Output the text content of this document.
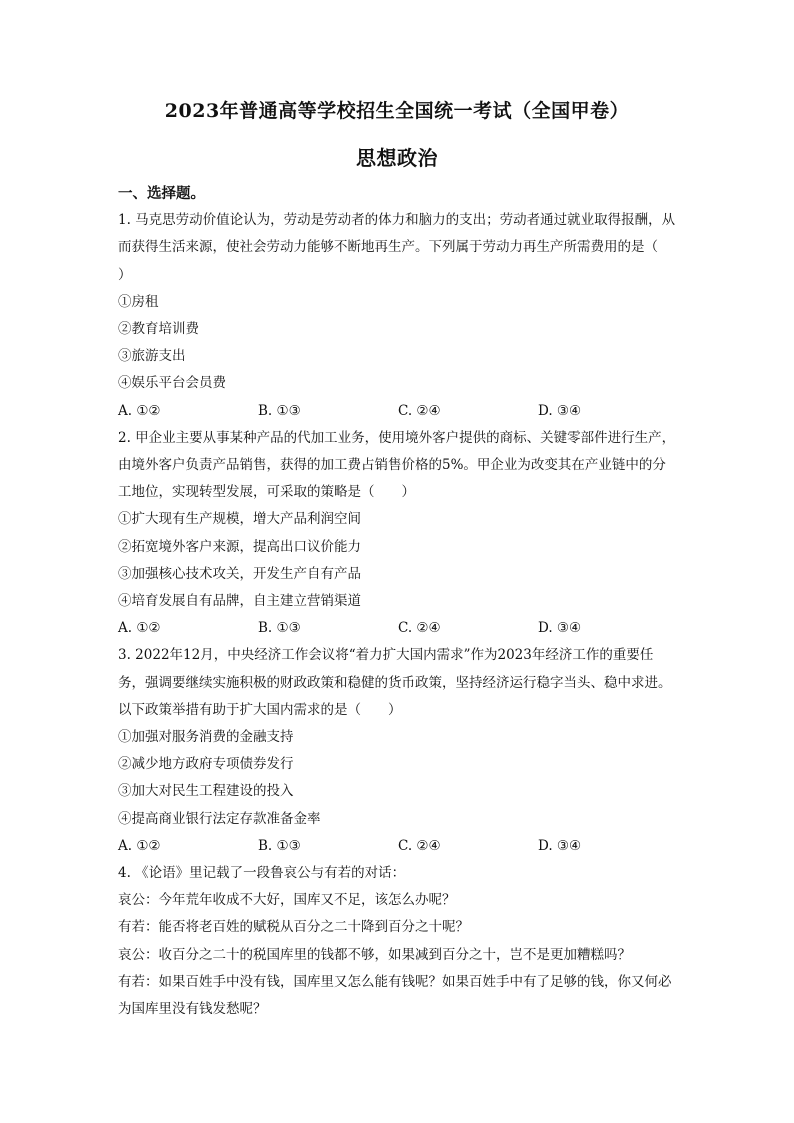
2023年普通高等学校招生全国统一考试（全国甲卷）
思想政治
一、选择题。
1. 马克思劳动价值论认为，劳动是劳动者的体力和脑力的支出；劳动者通过就业取得报酬，从而获得生活来源，使社会劳动力能够不断地再生产。下列属于劳动力再生产所需费用的是（　　）
①房租
②教育培训费
③旅游支出
④娱乐平台会员费
A. ①②	B. ①③	C. ②④	D. ③④
2. 甲企业主要从事某种产品的代加工业务，使用境外客户提供的商标、关键零部件进行生产，由境外客户负责产品销售，获得的加工费占销售价格的5%。甲企业为改变其在产业链中的分工地位，实现转型发展，可采取的策略是（　　）
①扩大现有生产规模，增大产品利润空间
②拓宽境外客户来源，提高出口议价能力
③加强核心技术攻关，开发生产自有产品
④培育发展自有品牌，自主建立营销渠道
A. ①②	B. ①③	C. ②④	D. ③④
3. 2022年12月，中央经济工作会议将“着力扩大国内需求”作为2023年经济工作的重要任务，强调要继续实施积极的财政政策和稳健的货币政策，坚持经济运行稳字当头、稳中求进。以下政策举措有助于扩大国内需求的是（　　）
①加强对服务消费的金融支持
②减少地方政府专项债券发行
③加大对民生工程建设的投入
④提高商业银行法定存款准备金率
A. ①②	B. ①③	C. ②④	D. ③④
4. 《论语》里记载了一段鲁哀公与有若的对话：
哀公：今年荒年收成不大好，国库又不足，该怎么办呢？
有若：能否将老百姓的赋税从百分之二十降到百分之十呢？
哀公：收百分之二十的税国库里的钱都不够，如果减到百分之十，岂不是更加糟糕吗？
有若：如果百姓手中没有钱，国库里又怎么能有钱呢？如果百姓手中有了足够的钱，你又何必为国库里没有钱发愁呢？
